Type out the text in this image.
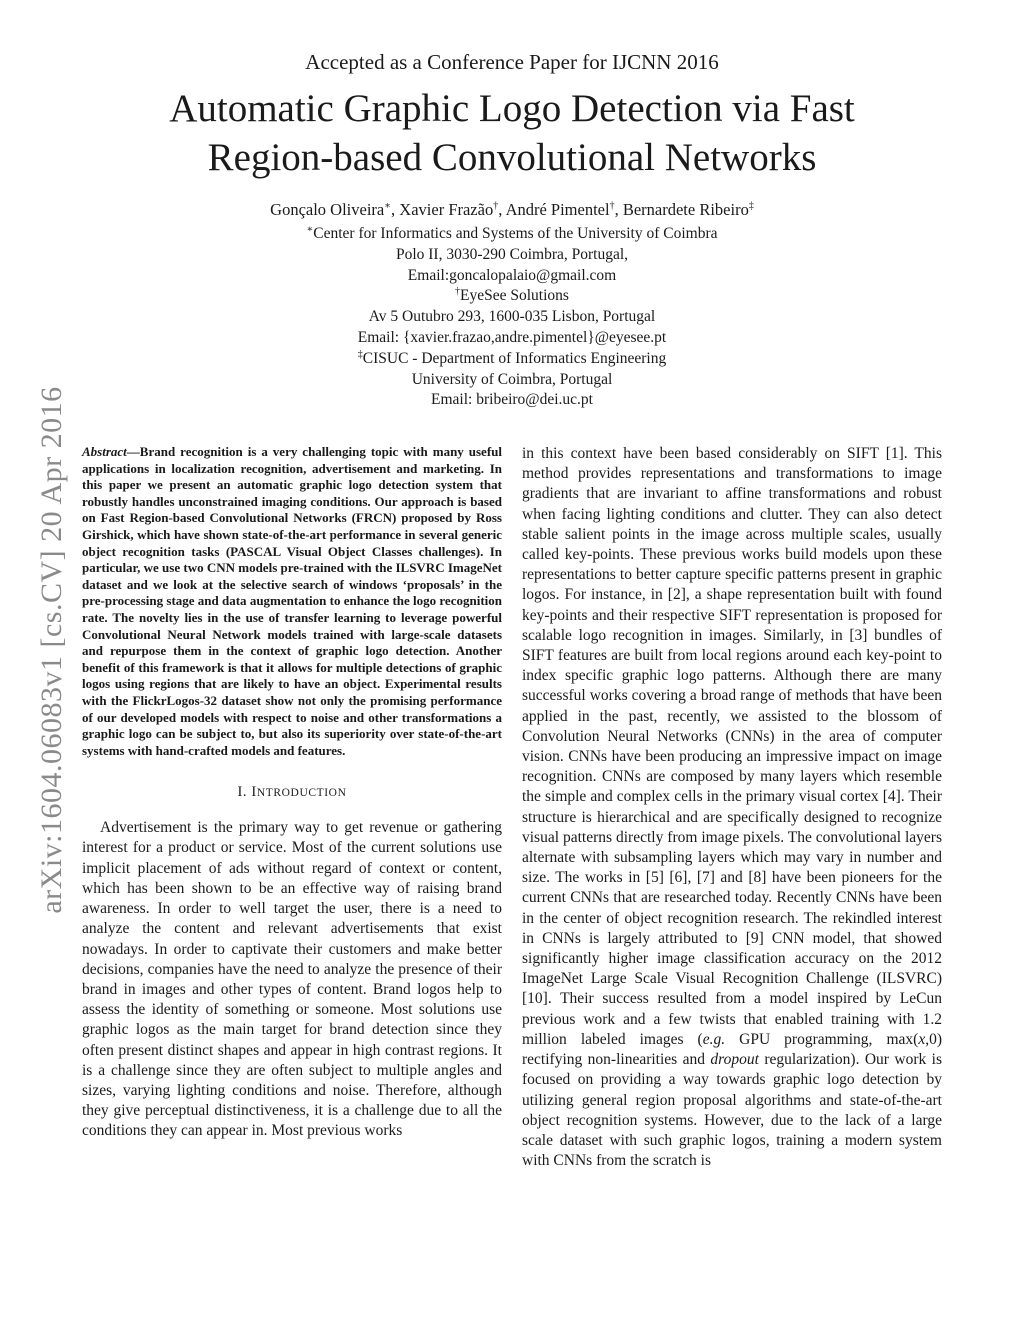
arXiv:1604.06083v1 [cs.CV] 20 Apr 2016
Accepted as a Conference Paper for IJCNN 2016
Automatic Graphic Logo Detection via Fast
Region-based Convolutional Networks
Gonçalo Oliveira∗, Xavier Frazão†, André Pimentel†, Bernardete Ribeiro‡
∗Center for Informatics and Systems of the University of Coimbra
Polo II, 3030-290 Coimbra, Portugal,
Email:goncalopalaio@gmail.com
†EyeSee Solutions
Av 5 Outubro 293, 1600-035 Lisbon, Portugal
Email: {xavier.frazao,andre.pimentel}@eyesee.pt
‡CISUC - Department of Informatics Engineering
University of Coimbra, Portugal
Email: bribeiro@dei.uc.pt

Abstract—Brand recognition is a very challenging topic with many useful applications in localization recognition, advertisement and marketing. In this paper we present an automatic graphic logo detection system that robustly handles unconstrained imaging conditions. Our approach is based on Fast Region-based Convolutional Networks (FRCN) proposed by Ross Girshick, which have shown state-of-the-art performance in several generic object recognition tasks (PASCAL Visual Object Classes challenges). In particular, we use two CNN models pre-trained with the ILSVRC ImageNet dataset and we look at the selective search of windows ‘proposals’ in the pre-processing stage and data augmentation to enhance the logo recognition rate. The novelty lies in the use of transfer learning to leverage powerful Convolutional Neural Network models trained with large-scale datasets and repurpose them in the context of graphic logo detection. Another benefit of this framework is that it allows for multiple detections of graphic logos using regions that are likely to have an object. Experimental results with the FlickrLogos-32 dataset show not only the promising performance of our developed models with respect to noise and other transformations a graphic logo can be subject to, but also its superiority over state-of-the-art systems with hand-crafted models and features.

I. INTRODUCTION

Advertisement is the primary way to get revenue or gathering interest for a product or service. Most of the current solutions use implicit placement of ads without regard of context or content, which has been shown to be an effective way of raising brand awareness. In order to well target the user, there is a need to analyze the content and relevant advertisements that exist nowadays. In order to captivate their customers and make better decisions, companies have the need to analyze the presence of their brand in images and other types of content. Brand logos help to assess the identity of something or someone. Most solutions use graphic logos as the main target for brand detection since they often present distinct shapes and appear in high contrast regions. It is a challenge since they are often subject to multiple angles and sizes, varying lighting conditions and noise. Therefore, although they give perceptual distinctiveness, it is a challenge due to all the conditions they can appear in. Most previous works

in this context have been based considerably on SIFT [1]. This method provides representations and transformations to image gradients that are invariant to affine transformations and robust when facing lighting conditions and clutter. They can also detect stable salient points in the image across multiple scales, usually called key-points. These previous works build models upon these representations to better capture specific patterns present in graphic logos. For instance, in [2], a shape representation built with found key-points and their respective SIFT representation is proposed for scalable logo recognition in images. Similarly, in [3] bundles of SIFT features are built from local regions around each key-point to index specific graphic logo patterns. Although there are many successful works covering a broad range of methods that have been applied in the past, recently, we assisted to the blossom of Convolution Neural Networks (CNNs) in the area of computer vision. CNNs have been producing an impressive impact on image recognition. CNNs are composed by many layers which resemble the simple and complex cells in the primary visual cortex [4]. Their structure is hierarchical and are specifically designed to recognize visual patterns directly from image pixels. The convolutional layers alternate with subsampling layers which may vary in number and size. The works in [5] [6], [7] and [8] have been pioneers for the current CNNs that are researched today. Recently CNNs have been in the center of object recognition research. The rekindled interest in CNNs is largely attributed to [9] CNN model, that showed significantly higher image classification accuracy on the 2012 ImageNet Large Scale Visual Recognition Challenge (ILSVRC) [10]. Their success resulted from a model inspired by LeCun previous work and a few twists that enabled training with 1.2 million labeled images (e.g. GPU programming, max(x,0) rectifying non-linearities and dropout regularization). Our work is focused on providing a way towards graphic logo detection by utilizing general region proposal algorithms and state-of-the-art object recognition systems. However, due to the lack of a large scale dataset with such graphic logos, training a modern system with CNNs from the scratch is
